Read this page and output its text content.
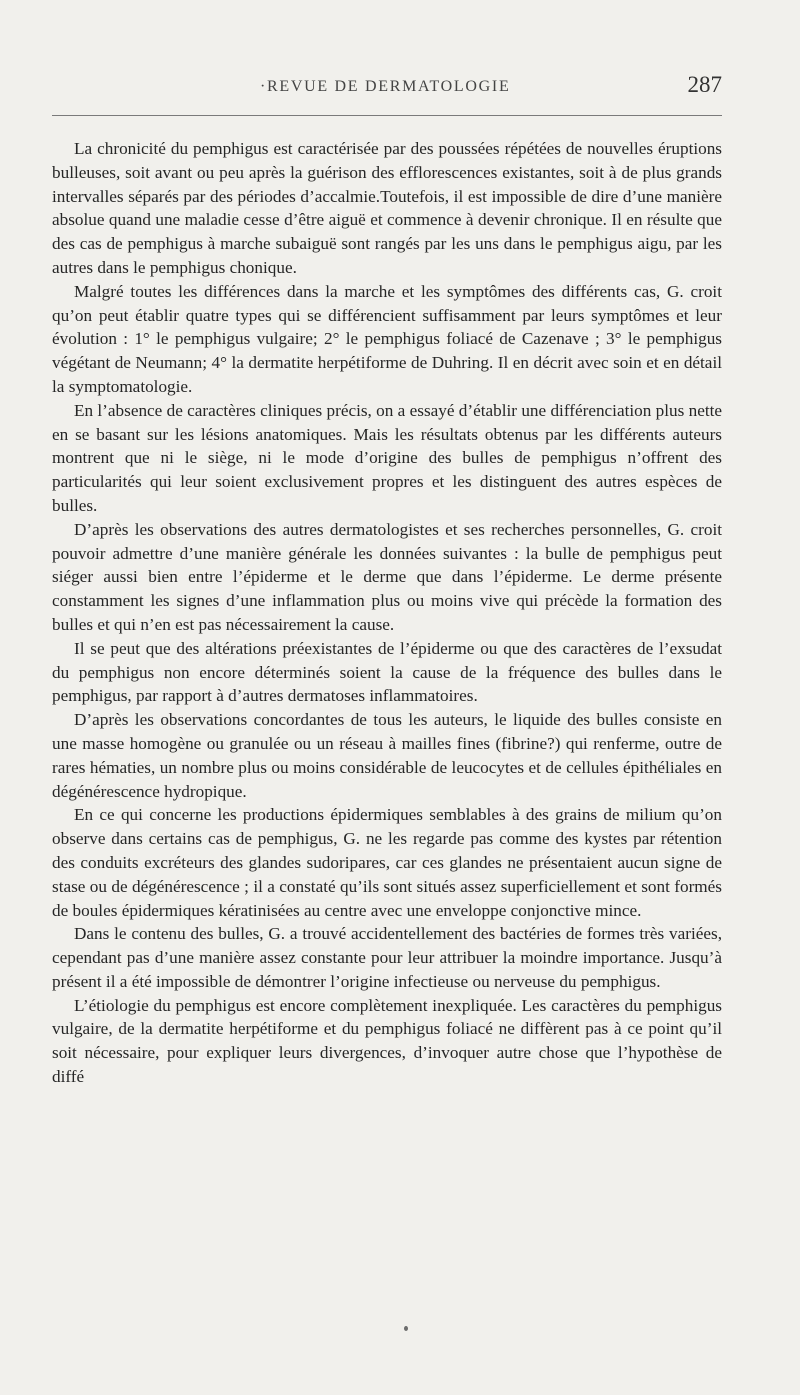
·REVUE DE DERMATOLOGIE	287

La chronicité du pemphigus est caractérisée par des poussées répétées de nouvelles éruptions bulleuses, soit avant ou peu après la guérison des efflorescences existantes, soit à de plus grands intervalles séparés par des périodes d’accalmie.Toutefois, il est impossible de dire d’une manière absolue quand une maladie cesse d’être aiguë et commence à devenir chronique. Il en résulte que des cas de pemphigus à marche subaiguë sont rangés par les uns dans le pemphigus aigu, par les autres dans le pemphigus chonique.

Malgré toutes les différences dans la marche et les symptômes des différents cas, G. croit qu’on peut établir quatre types qui se différencient suffisamment par leurs symptômes et leur évolution : 1° le pemphigus vulgaire; 2° le pemphigus foliacé de Cazenave ; 3° le pemphigus végétant de Neumann; 4° la dermatite herpétiforme de Duhring. Il en décrit avec soin et en détail la symptomatologie.

En l’absence de caractères cliniques précis, on a essayé d’établir une différenciation plus nette en se basant sur les lésions anatomiques. Mais les résultats obtenus par les différents auteurs montrent que ni le siège, ni le mode d’origine des bulles de pemphigus n’offrent des particularités qui leur soient exclusivement propres et les distinguent des autres espèces de bulles.

D’après les observations des autres dermatologistes et ses recherches personnelles, G. croit pouvoir admettre d’une manière générale les données suivantes : la bulle de pemphigus peut siéger aussi bien entre l’épiderme et le derme que dans l’épiderme. Le derme présente constamment les signes d’une inflammation plus ou moins vive qui précède la formation des bulles et qui n’en est pas nécessairement la cause.

Il se peut que des altérations préexistantes de l’épiderme ou que des caractères de l’exsudat du pemphigus non encore déterminés soient la cause de la fréquence des bulles dans le pemphigus, par rapport à d’autres dermatoses inflammatoires.

D’après les observations concordantes de tous les auteurs, le liquide des bulles consiste en une masse homogène ou granulée ou un réseau à mailles fines (fibrine?) qui renferme, outre de rares hématies, un nombre plus ou moins considérable de leucocytes et de cellules épithéliales en dégénérescence hydropique.

En ce qui concerne les productions épidermiques semblables à des grains de milium qu’on observe dans certains cas de pemphigus, G. ne les regarde pas comme des kystes par rétention des conduits excréteurs des glandes sudoripares, car ces glandes ne présentaient aucun signe de stase ou de dégénérescence ; il a constaté qu’ils sont situés assez superficiellement et sont formés de boules épidermiques kératinisées au centre avec une enveloppe conjonctive mince.

Dans le contenu des bulles, G. a trouvé accidentellement des bactéries de formes très variées, cependant pas d’une manière assez constante pour leur attribuer la moindre importance. Jusqu’à présent il a été impossible de démontrer l’origine infectieuse ou nerveuse du pemphigus.

L’étiologie du pemphigus est encore complètement inexpliquée. Les caractères du pemphigus vulgaire, de la dermatite herpétiforme et du pemphigus foliacé ne diffèrent pas à ce point qu’il soit nécessaire, pour expliquer leurs divergences, d’invoquer autre chose que l’hypothèse de diffé
